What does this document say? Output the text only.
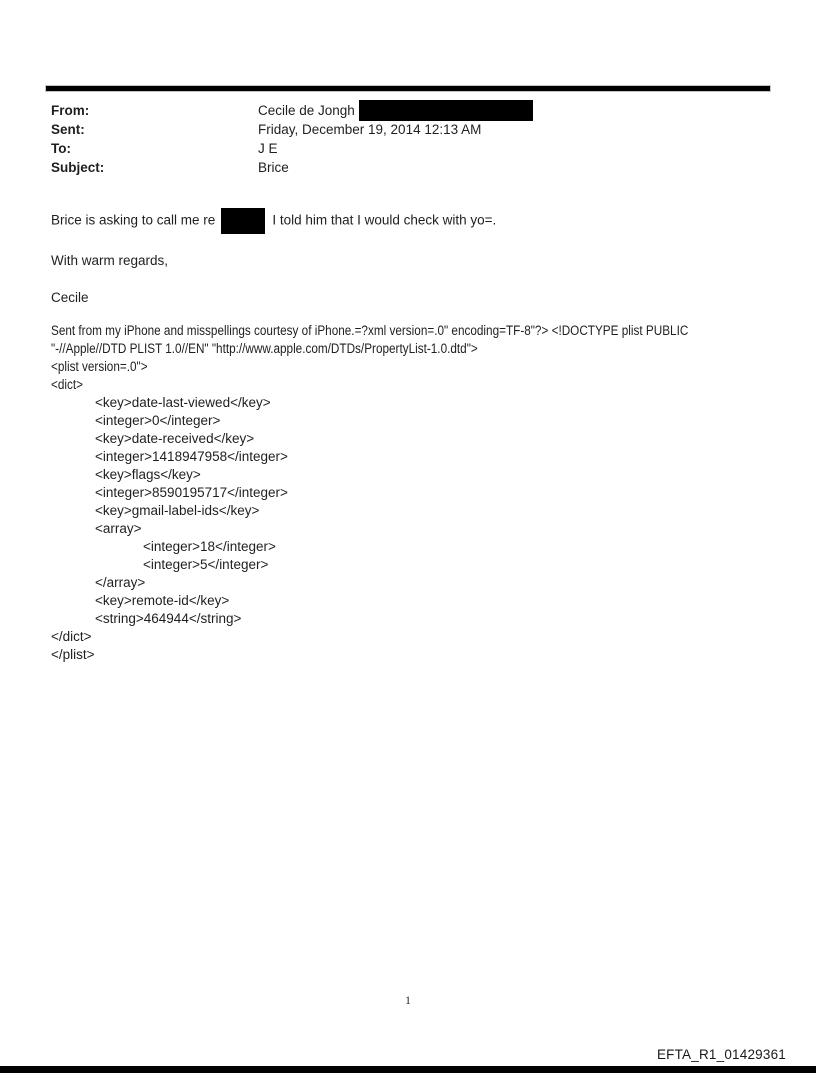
From:	Cecile de Jongh
Sent:	Friday, December 19, 2014 12:13 AM
To:	J E
Subject:	Brice
Brice is asking to call me re	I told him that I would check with yo=.
With warm regards,
Cecile
Sent from my iPhone and misspellings courtesy of iPhone.=?xml version=.0" encoding=TF-8"?> <!DOCTYPE plist PUBLIC
"-//Apple//DTD PLIST 1.0//EN" "http://www.apple.com/DTDs/PropertyList-1.0.dtd">
<plist version=.0">
<dict>
<key>date-last-viewed</key>
<integer>0</integer>
<key>date-received</key>
<integer>1418947958</integer>
<key>flags</key>
<integer>8590195717</integer>
<key>gmail-label-ids</key>
<array>
<integer>18</integer>
<integer>5</integer>
</array>
<key>remote-id</key>
<string>464944</string>
</dict>
</plist>
1
EFTA_R1_01429361
